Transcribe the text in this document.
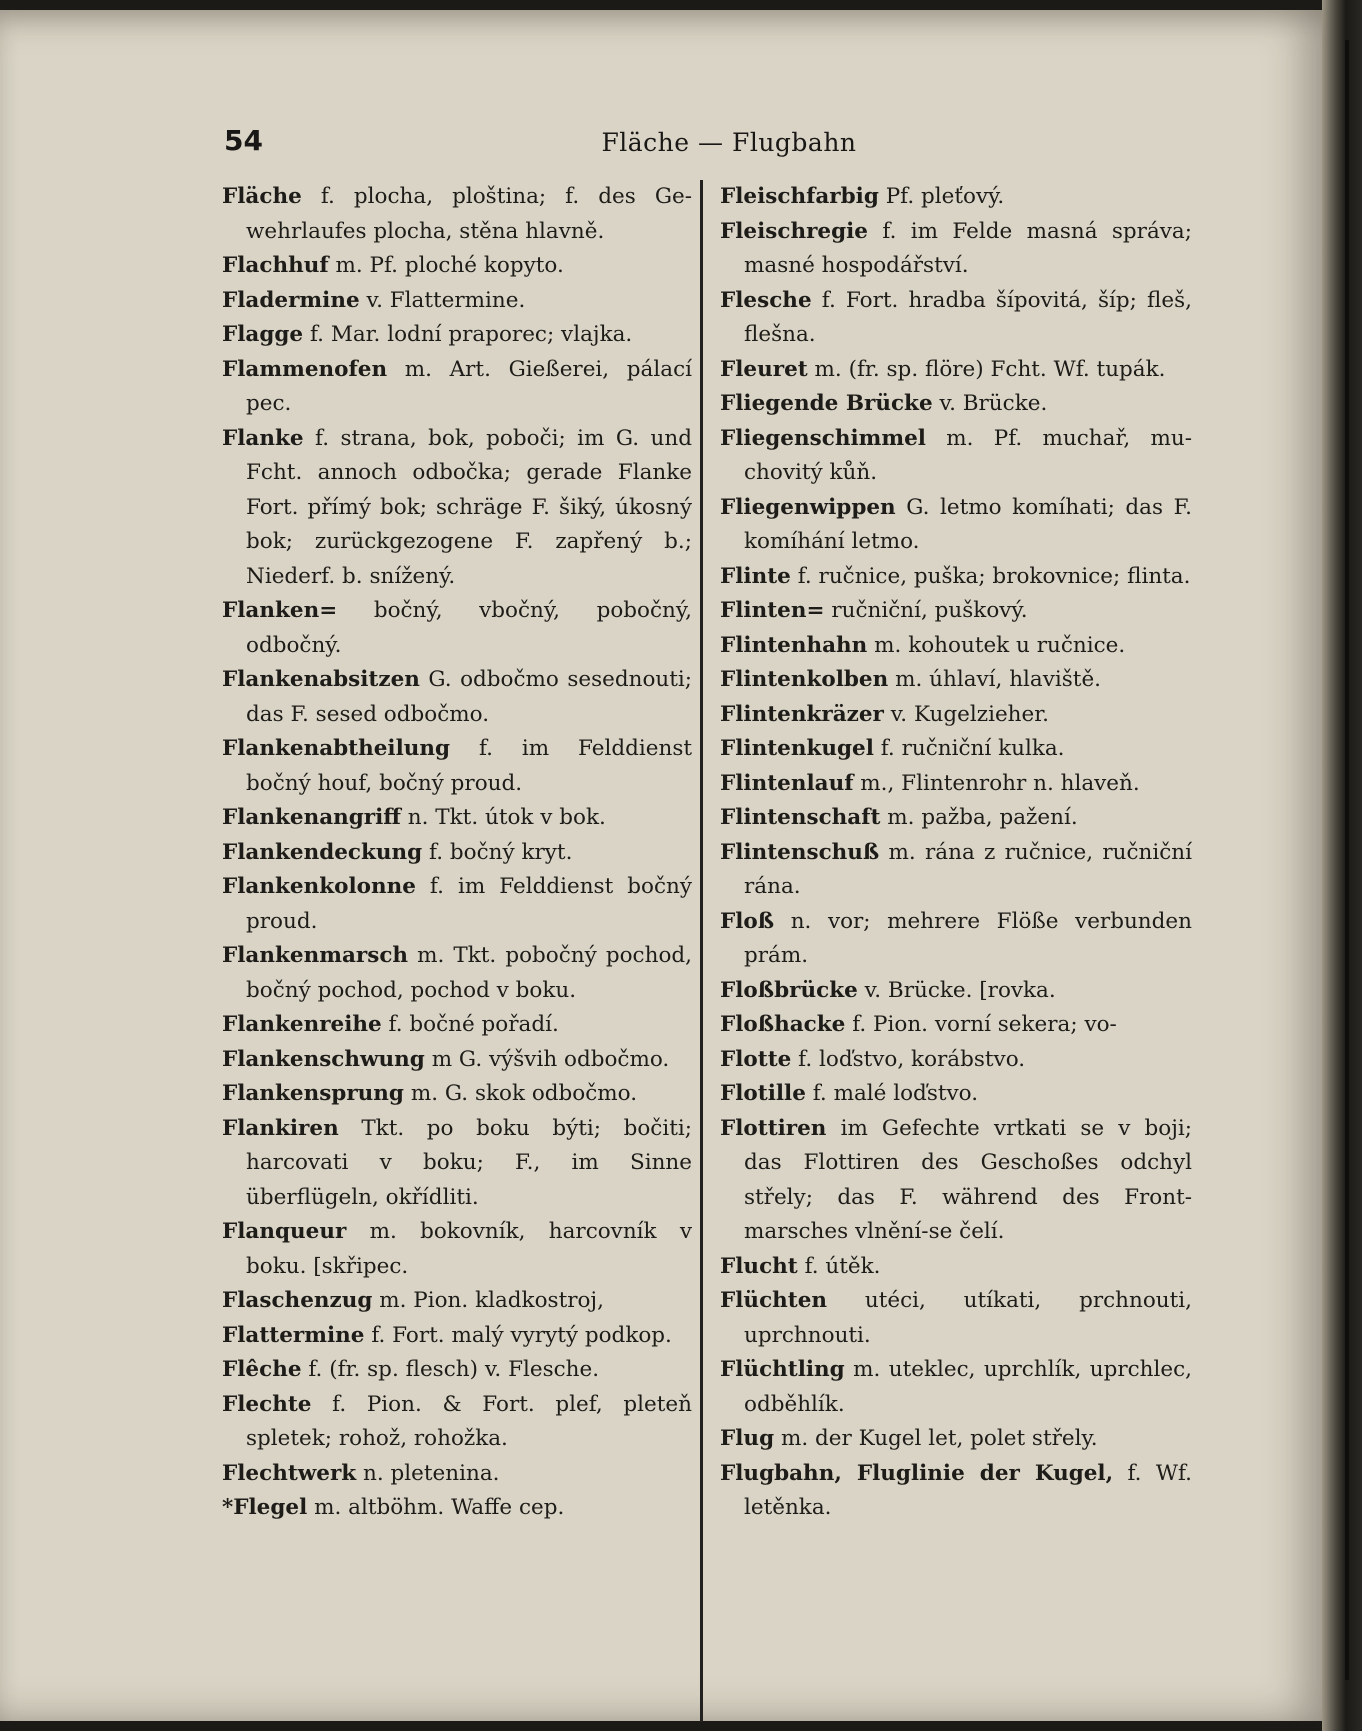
54	Fläche — Flugbahn

Fläche f. plocha, ploština; f. des Gewehrlaufes plocha, stěna hlavně.

Flachhuf m. Pf. ploché kopyto.

Fladermine v. Flattermine.

Flagge f. Mar. lodní praporec; vlajka.

Flammenofen m. Art. Gießerei, pálací pec.

Flanke f. strana, bok, poboči; im G. und Fcht. annoch odbočka; gerade Flanke Fort. přímý bok; schräge F. šiký, úkosný bok; zurückgezogene F. zapřený b.; Niederf. b. snížený.

Flanken= bočný, vbočný, pobočný, odbočný.

Flankenabsitzen G. odbočmo sesednouti; das F. sesed odbočmo.

Flankenabtheilung f. im Felddienst bočný houf, bočný proud.

Flankenangriff n. Tkt. útok v bok.

Flankendeckung f. bočný kryt.

Flankenkolonne f. im Felddienst bočný proud.

Flankenmarsch m. Tkt. pobočný pochod, bočný pochod, pochod v boku.

Flankenreihe f. bočné pořadí.

Flankenschwung m G. výšvih odbočmo.

Flankensprung m. G. skok odbočmo.

Flankiren Tkt. po boku býti; bočiti; harcovati v boku; F., im Sinne überflügeln, okřídliti.

Flanqueur m. bokovník, harcovník v boku. [skřipec.

Flaschenzug m. Pion. kladkostroj,

Flattermine f. Fort. malý vyrytý podkop.

Flêche f. (fr. sp. flesch) v. Flesche.

Flechte f. Pion. & Fort. plef, pleteň spletek; rohož, rohožka.

Flechtwerk n. pletenina.

*Flegel m. altböhm. Waffe cep.

Fleischfarbig Pf. pleťový.

Fleischregie f. im Felde masná správa; masné hospodářství.

Flesche f. Fort. hradba šípovitá, šíp; fleš, flešna.

Fleuret m. (fr. sp. flöre) Fcht. Wf. tupák.

Fliegende Brücke v. Brücke.

Fliegenschimmel m. Pf. muchař, muchovitý kůň.

Fliegenwippen G. letmo komíhati; das F. komíhání letmo.

Flinte f. ručnice, puška; brokovnice; flinta.

Flinten= ručniční, puškový.

Flintenhahn m. kohoutek u ručnice.

Flintenkolben m. úhlaví, hlaviště.

Flintenkräzer v. Kugelzieher.

Flintenkugel f. ručniční kulka.

Flintenlauf m., Flintenrohr n. hlaveň.

Flintenschaft m. pažba, pažení.

Flintenschuß m. rána z ručnice, ručniční rána.

Floß n. vor; mehrere Flöße verbunden prám.

Floßbrücke v. Brücke. [rovka.

Floßhacke f. Pion. vorní sekera; vo-

Flotte f. loďstvo, korábstvo.

Flotille f. malé loďstvo.

Flottiren im Gefechte vrtkati se v boji; das Flottiren des Geschoßes odchyl střely; das F. während des Frontmarsches vlnění-se čelí.

Flucht f. útěk.

Flüchten utéci, utíkati, prchnouti, uprchnouti.

Flüchtling m. uteklec, uprchlík, uprchlec, odběhlík.

Flug m. der Kugel let, polet střely.

Flugbahn, Fluglinie der Kugel, f. Wf. letěnka.
